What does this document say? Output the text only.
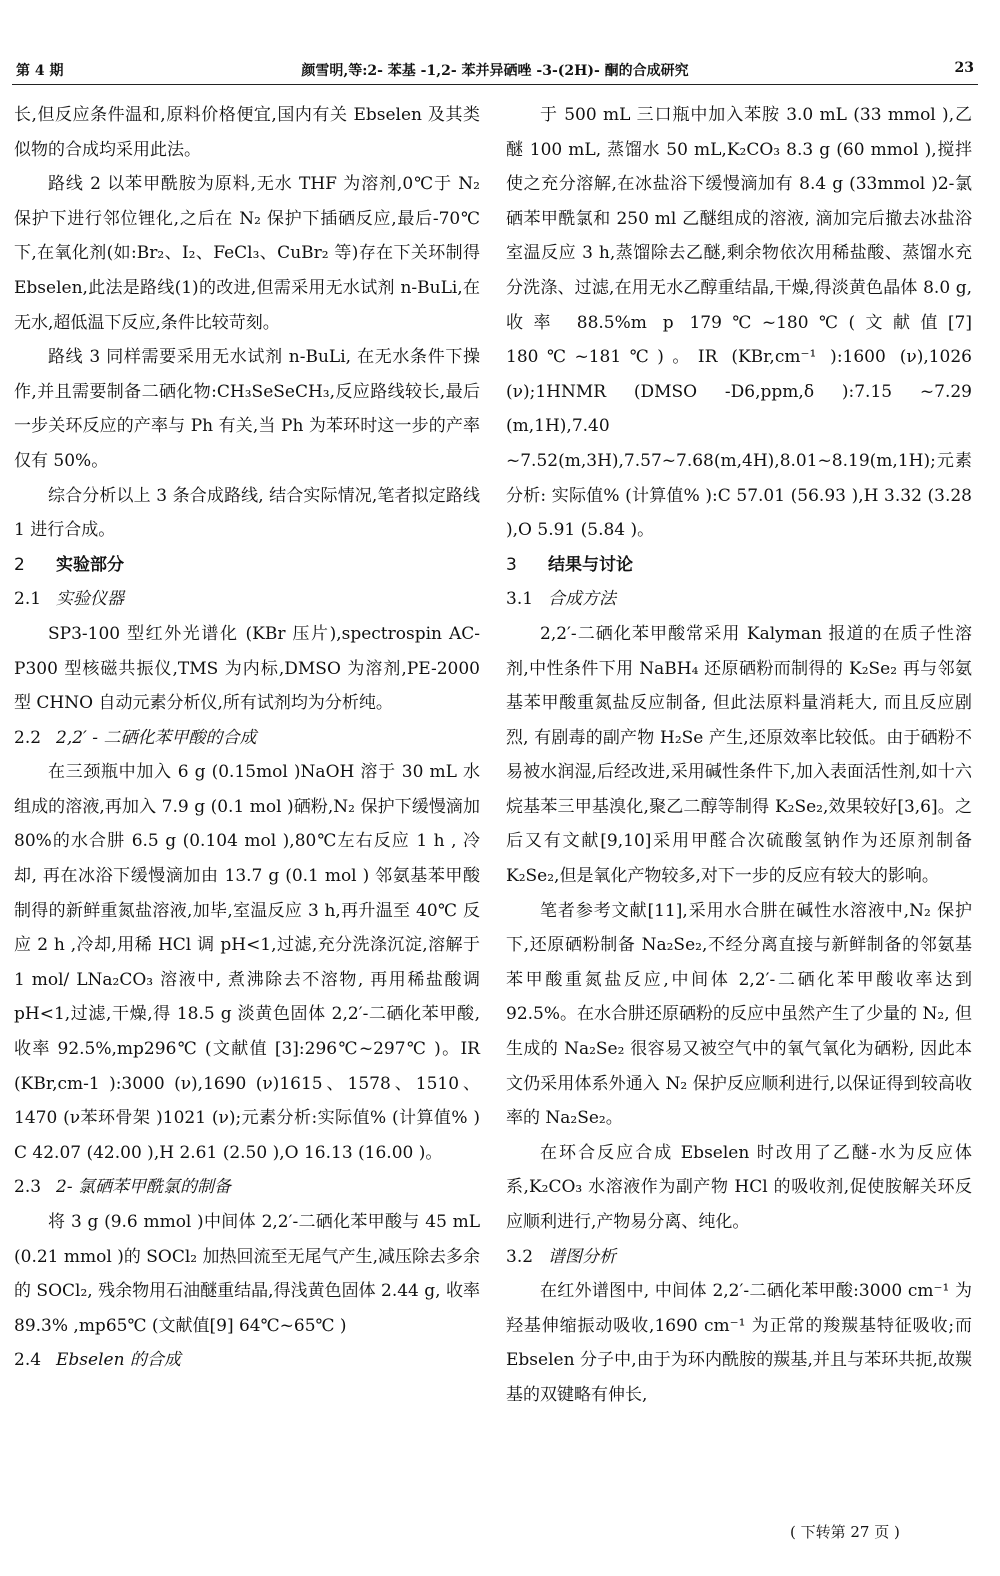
第 4 期	颜雪明,等:2- 苯基 -1,2- 苯并异硒唑 -3-(2H)- 酮的合成研究	23

长,但反应条件温和,原料价格便宜,国内有关 Ebselen 及其类似物的合成均采用此法。

路线 2 以苯甲酰胺为原料,无水 THF 为溶剂,0℃于 N₂ 保护下进行邻位锂化,之后在 N₂ 保护下插硒反应,最后-70℃下,在氧化剂(如:Br₂、I₂、FeCl₃、CuBr₂ 等)存在下关环制得 Ebselen,此法是路线(1)的改进,但需采用无水试剂 n-BuLi,在无水,超低温下反应,条件比较苛刻。

路线 3 同样需要采用无水试剂 n-BuLi, 在无水条件下操作,并且需要制备二硒化物:CH₃SeSeCH₃,反应路线较长,最后一步关环反应的产率与 Ph 有关,当 Ph 为苯环时这一步的产率仅有 50%。

综合分析以上 3 条合成路线, 结合实际情况,笔者拟定路线 1 进行合成。

2 实验部分

2.1 实验仪器

SP3-100 型红外光谱化 (KBr 压片),spectrospin AC-P300 型核磁共振仪,TMS 为内标,DMSO 为溶剂,PE-2000 型 CHNO 自动元素分析仪,所有试剂均为分析纯。

2.2 2,2′ - 二硒化苯甲酸的合成

在三颈瓶中加入 6 g (0.15mol )NaOH 溶于 30 mL 水组成的溶液,再加入 7.9 g (0.1 mol )硒粉,N₂ 保护下缓慢滴加 80%的水合肼 6.5 g (0.104 mol ),80℃左右反应 1 h , 冷却, 再在冰浴下缓慢滴加由 13.7 g (0.1 mol ) 邻氨基苯甲酸制得的新鲜重氮盐溶液,加毕,室温反应 3 h,再升温至 40℃ 反应 2 h ,冷却,用稀 HCl 调 pH<1,过滤,充分洗涤沉淀,溶解于 1 mol/ LNa₂CO₃ 溶液中, 煮沸除去不溶物, 再用稀盐酸调 pH<1,过滤,干燥,得 18.5 g 淡黄色固体 2,2′-二硒化苯甲酸, 收率 92.5%,mp296℃ (文献值 [3]:296℃~297℃ )。IR (KBr,cm-1 ):3000 (ν),1690 (ν)1615、1578、1510、1470 (ν苯环骨架 )1021 (ν);元素分析:实际值% (计算值% ) C 42.07 (42.00 ),H 2.61 (2.50 ),O 16.13 (16.00 )。

2.3 2- 氯硒苯甲酰氯的制备

将 3 g (9.6 mmol )中间体 2,2′-二硒化苯甲酸与 45 mL (0.21 mmol )的 SOCl₂ 加热回流至无尾气产生,减压除去多余的 SOCl₂, 残余物用石油醚重结晶,得浅黄色固体 2.44 g, 收率 89.3% ,mp65℃ (文献值[9] 64℃~65℃ )

2.4 Ebselen 的合成

于 500 mL 三口瓶中加入苯胺 3.0 mL (33 mmol ),乙醚 100 mL, 蒸馏水 50 mL,K₂CO₃ 8.3 g (60 mmol ),搅拌使之充分溶解,在冰盐浴下缓慢滴加有 8.4 g (33mmol )2-氯硒苯甲酰氯和 250 ml 乙醚组成的溶液, 滴加完后撤去冰盐浴室温反应 3 h,蒸馏除去乙醚,剩余物依次用稀盐酸、蒸馏水充分洗涤、过滤,在用无水乙醇重结晶,干燥,得淡黄色晶体 8.0 g, 收率 88.5%m p 179℃~180℃(文献值[7] 180℃~181℃)。IR (KBr,cm⁻¹ ):1600 (ν),1026 (ν);1HNMR (DMSO -D6,ppm,δ ):7.15 ~7.29 (m,1H),7.40 ~7.52(m,3H),7.57~7.68(m,4H),8.01~8.19(m,1H);元素分析: 实际值% (计算值% ):C 57.01 (56.93 ),H 3.32 (3.28 ),O 5.91 (5.84 )。

3 结果与讨论

3.1 合成方法

2,2′-二硒化苯甲酸常采用 Kalyman 报道的在质子性溶剂,中性条件下用 NaBH₄ 还原硒粉而制得的 K₂Se₂ 再与邻氨基苯甲酸重氮盐反应制备, 但此法原料量消耗大, 而且反应剧烈, 有剧毒的副产物 H₂Se 产生,还原效率比较低。由于硒粉不易被水润湿,后经改进,采用碱性条件下,加入表面活性剂,如十六烷基苯三甲基溴化,聚乙二醇等制得 K₂Se₂,效果较好[3,6]。之后又有文献[9,10]采用甲醛合次硫酸氢钠作为还原剂制备 K₂Se₂,但是氧化产物较多,对下一步的反应有较大的影响。

笔者参考文献[11],采用水合肼在碱性水溶液中,N₂ 保护下,还原硒粉制备 Na₂Se₂,不经分离直接与新鲜制备的邻氨基苯甲酸重氮盐反应,中间体 2,2′-二硒化苯甲酸收率达到 92.5%。在水合肼还原硒粉的反应中虽然产生了少量的 N₂, 但生成的 Na₂Se₂ 很容易又被空气中的氧气氧化为硒粉, 因此本文仍采用体系外通入 N₂ 保护反应顺利进行,以保证得到较高收率的 Na₂Se₂。

在环合反应合成 Ebselen 时改用了乙醚-水为反应体系,K₂CO₃ 水溶液作为副产物 HCl 的吸收剂,促使胺解关环反应顺利进行,产物易分离、纯化。

3.2 谱图分析

在红外谱图中, 中间体 2,2′-二硒化苯甲酸:3000 cm⁻¹ 为羟基伸缩振动吸收,1690 cm⁻¹ 为正常的羧羰基特征吸收;而 Ebselen 分子中,由于为环内酰胺的羰基,并且与苯环共扼,故羰基的双键略有伸长,

( 下转第 27 页 )
